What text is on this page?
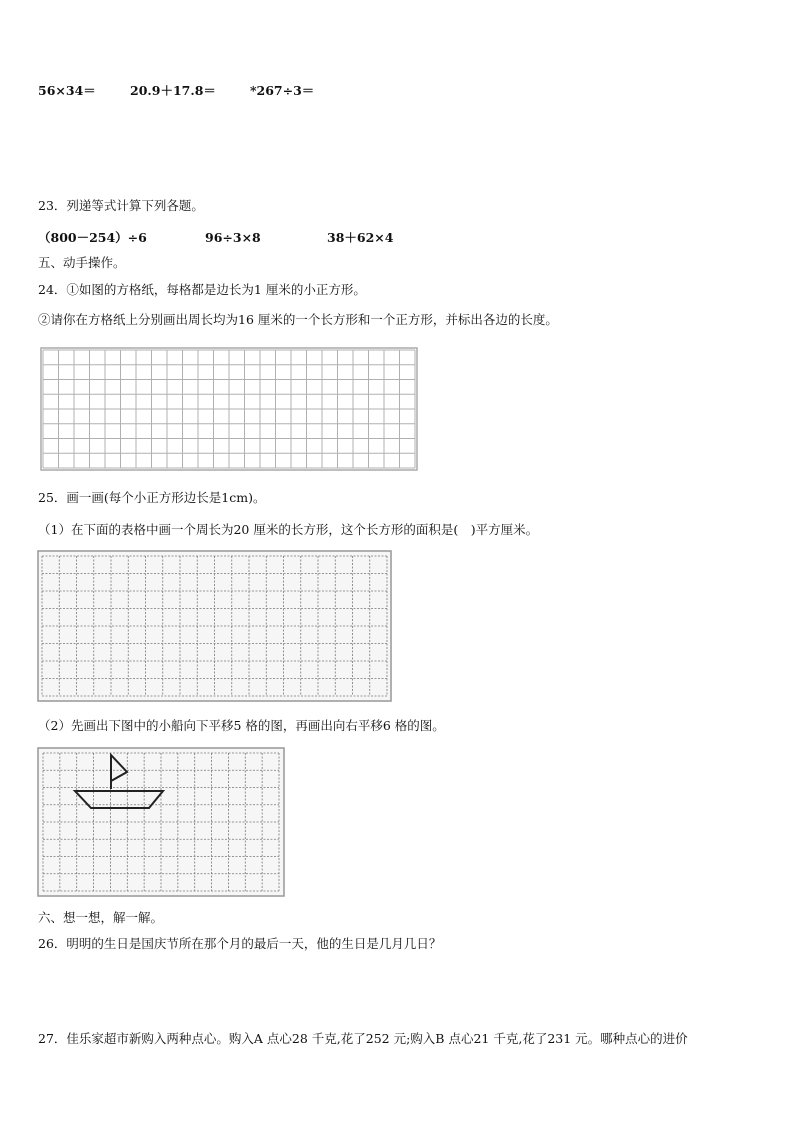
56×34＝	20.9＋17.8＝	*267÷3＝
23．列递等式计算下列各题。
（800－254）÷6	96÷3×8	38＋62×4
五、动手操作。
24．①如图的方格纸，每格都是边长为1 厘米的小正方形。
②请你在方格纸上分别画出周长均为16 厘米的一个长方形和一个正方形，并标出各边的长度。
25．画一画(每个小正方形边长是1cm)。
（1）在下面的表格中画一个周长为20 厘米的长方形，这个长方形的面积是(　)平方厘米。
（2）先画出下图中的小船向下平移5 格的图，再画出向右平移6 格的图。
六、想一想，解一解。
26．明明的生日是国庆节所在那个月的最后一天，他的生日是几月几日？
27．佳乐家超市新购入两种点心。购入A 点心28 千克,花了252 元;购入B 点心21 千克,花了231 元。哪种点心的进价
